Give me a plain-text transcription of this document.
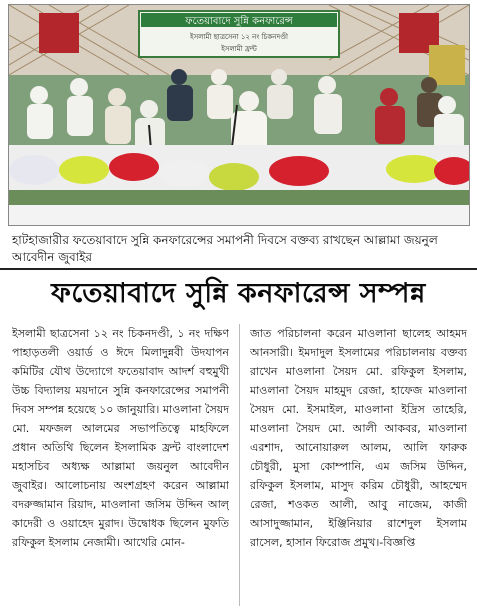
ফতেয়াবাদে সুন্নি কনফারেন্স
ইসলামী ছাত্রসেনা ১২ নং চিকনদণ্ডী
ইসলামী ফ্রন্ট
হাটহাজারীর ফতেয়াবাদে সুন্নি কনফারেন্সের সমাপনী দিবসে বক্তব্য রাখছেন আল্লামা জয়নুল আবেদীন জুবাইর
ফতেয়াবাদে সুন্নি কনফারেন্স সম্পন্ন

ইসলামী ছাত্রসেনা ১২ নং চিকনদণ্ডী, ১ নং দক্ষিণ পাহাড়তলী ওয়ার্ড ও ঈদে মিলাদুন্নবী উদযাপন কমিটির যৌথ উদ্যোগে ফতেয়াবাদ আদর্শ বহুমুখী উচ্চ বিদ্যালয় ময়দানে সুন্নি কনফারেন্সের সমাপনী দিবস সম্পন্ন হয়েছে ১০ জানুয়ারি। মাওলানা সৈয়দ মো. মফজল আলমের সভাপতিত্বে মাহফিলে প্রধান অতিথি ছিলেন ইসলামিক ফ্রন্ট বাংলাদেশ মহাসচিব অধ্যক্ষ আল্লামা জয়নুল আবেদীন জুবাইর। আলোচনায় অংশগ্রহণ করেন আল্লামা বদরুজ্জামান রিয়াদ, মাওলানা জসিম উদ্দিন আল্ কাদেরী ও ওয়াহেদ মুরাদ। উদ্বোধক ছিলেন মুফতি রফিকুল ইসলাম নেজামী। আখেরি মোন-

জাত পরিচালনা করেন মাওলানা ছালেহ আহমদ আনসারী। ইমদাদুল ইসলামের পরিচালনায় বক্তব্য রাখেন মাওলানা সৈয়দ মো. রফিকুল ইসলাম, মাওলানা সৈয়দ মাহমুদ রেজা, হাফেজ মাওলানা সৈয়দ মো. ইসমাইল, মাওলানা ইদ্রিস তাহেরি, মাওলানা সৈয়দ মো. আলী আকবর, মাওলানা এরশাদ, আনোয়ারুল আলম, আলি ফারুক চৌধুরী, মুসা কোম্পানি, এম জসিম উদ্দিন, রফিকুল ইসলাম, মাসুদ করিম চৌধুরী, আহম্মেদ রেজা, শওকত আলী, আবু নাজেম, কাজী আসাদুজ্জামান, ইঞ্জিনিয়ার রাশেদুল ইসলাম রাসেল, হাসান ফিরোজ প্রমুখ।-বিজ্ঞপ্তি
